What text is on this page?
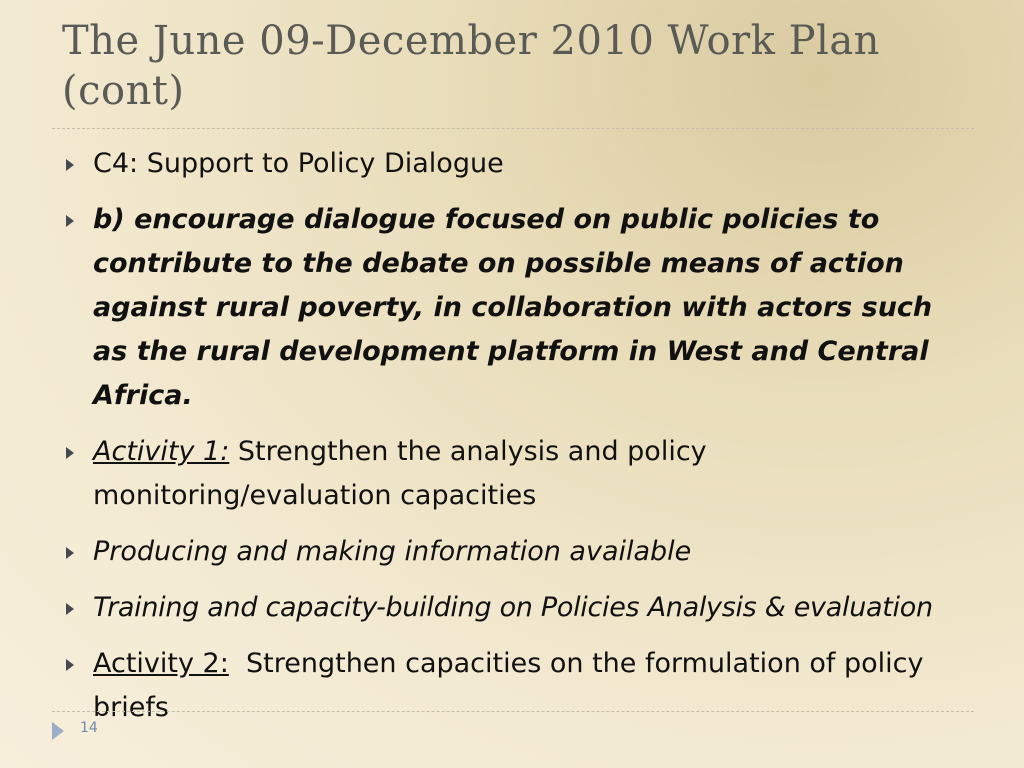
The June 09-December 2010 Work Plan
(cont)
C4: Support to Policy Dialogue
b) encourage dialogue focused on public policies to contribute to the debate on possible means of action against rural poverty, in collaboration with actors such as the rural development platform in West and Central Africa.
Activity 1: Strengthen the analysis and policy monitoring/evaluation capacities
Producing and making information available
Training and capacity-building on Policies Analysis & evaluation
Activity 2:  Strengthen capacities on the formulation of policy briefs
14
